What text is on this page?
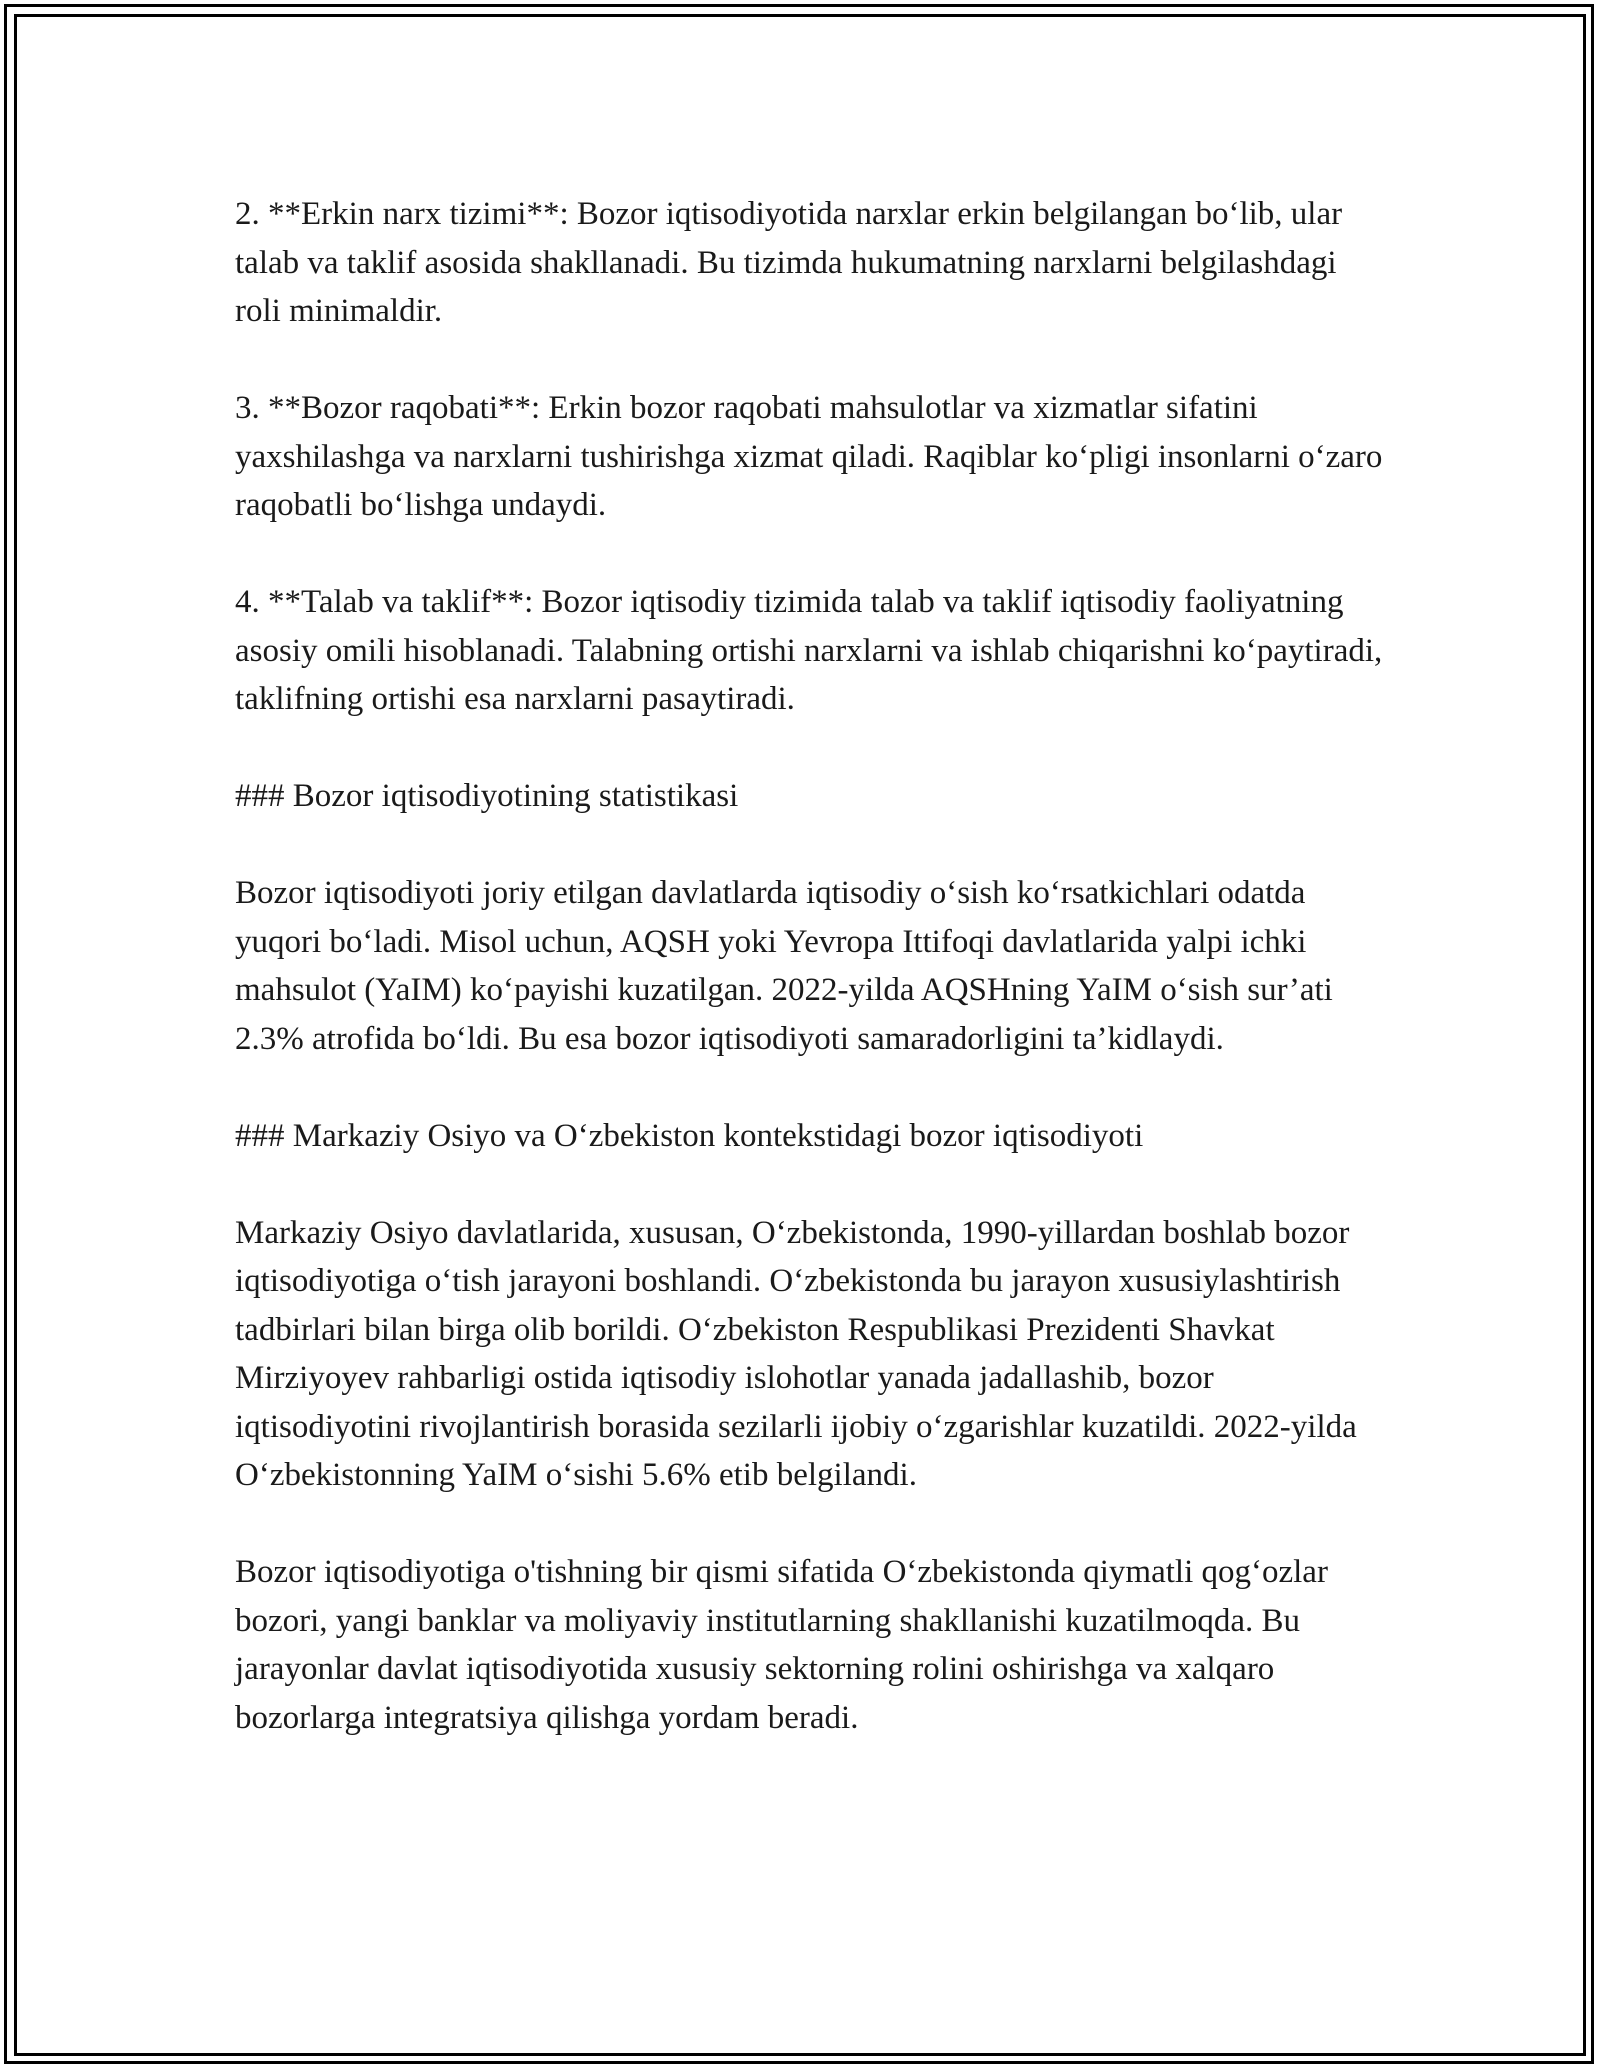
2. **Erkin narx tizimi**: Bozor iqtisodiyotida narxlar erkin belgilangan bo‘lib, ular talab va taklif asosida shakllanadi. Bu tizimda hukumatning narxlarni belgilashdagi roli minimaldir.

3. **Bozor raqobati**: Erkin bozor raqobati mahsulotlar va xizmatlar sifatini yaxshilashga va narxlarni tushirishga xizmat qiladi. Raqiblar ko‘pligi insonlarni o‘zaro raqobatli bo‘lishga undaydi.

4. **Talab va taklif**: Bozor iqtisodiy tizimida talab va taklif iqtisodiy faoliyatning asosiy omili hisoblanadi. Talabning ortishi narxlarni va ishlab chiqarishni ko‘paytiradi, taklifning ortishi esa narxlarni pasaytiradi.

### Bozor iqtisodiyotining statistikasi

Bozor iqtisodiyoti joriy etilgan davlatlarda iqtisodiy o‘sish ko‘rsatkichlari odatda yuqori bo‘ladi. Misol uchun, AQSH yoki Yevropa Ittifoqi davlatlarida yalpi ichki mahsulot (YaIM) ko‘payishi kuzatilgan. 2022-yilda AQSHning YaIM o‘sish sur’ati 2.3% atrofida bo‘ldi. Bu esa bozor iqtisodiyoti samaradorligini ta’kidlaydi.

### Markaziy Osiyo va O‘zbekiston kontekstidagi bozor iqtisodiyoti

Markaziy Osiyo davlatlarida, xususan, O‘zbekistonda, 1990-yillardan boshlab bozor iqtisodiyotiga o‘tish jarayoni boshlandi. O‘zbekistonda bu jarayon xususiylashtirish tadbirlari bilan birga olib borildi. O‘zbekiston Respublikasi Prezidenti Shavkat Mirziyoyev rahbarligi ostida iqtisodiy islohotlar yanada jadallashib, bozor iqtisodiyotini rivojlantirish borasida sezilarli ijobiy o‘zgarishlar kuzatildi. 2022-yilda O‘zbekistonning YaIM o‘sishi 5.6% etib belgilandi.

Bozor iqtisodiyotiga o'tishning bir qismi sifatida O‘zbekistonda qiymatli qog‘ozlar bozori, yangi banklar va moliyaviy institutlarning shakllanishi kuzatilmoqda. Bu jarayonlar davlat iqtisodiyotida xususiy sektorning rolini oshirishga va xalqaro bozorlarga integratsiya qilishga yordam beradi.
